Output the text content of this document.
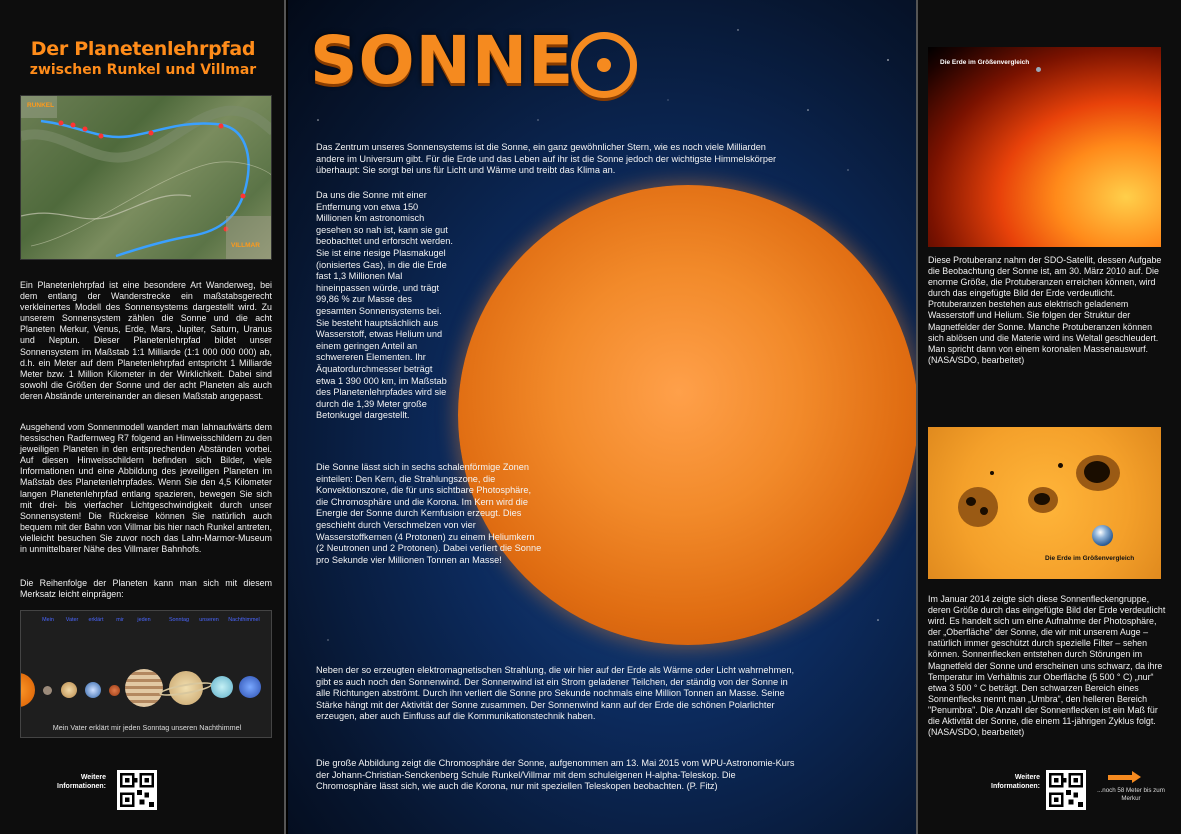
Der Planetenlehrpfad
zwischen Runkel und Villmar
RUNKEL
VILLMAR

Ein Planetenlehrpfad ist eine besondere Art Wanderweg, bei dem entlang der Wanderstrecke ein maßstabsgerecht verkleinertes Modell des Sonnensystems dargestellt wird. Zu unserem Sonnensystem zählen die Sonne und die acht Planeten Merkur, Venus, Erde, Mars, Jupiter, Saturn, Uranus und Neptun. Dieser Planetenlehrpfad bildet unser Sonnensystem im Maßstab 1:1 Milliarde (1:1 000 000 000) ab, d.h. ein Meter auf dem Planetenlehrpfad entspricht 1 Milliarde Meter bzw. 1 Million Kilometer in der Wirklichkeit. Dabei sind sowohl die Größen der Sonne und der acht Planeten als auch deren Abstände untereinander an diesen Maßstab angepasst.

Ausgehend vom Sonnenmodell wandert man lahnaufwärts dem hessischen Radfernweg R7 folgend an Hinweisschildern zu den jeweiligen Planeten in den entsprechenden Abständen vorbei. Auf diesen Hinweisschildern befinden sich Bilder, viele Informationen und eine Abbildung des jeweiligen Planeten im Maßstab des Planetenlehrpfades. Wenn Sie den 4,5 Kilometer langen Planetenlehrpfad entlang spazieren, bewegen Sie sich mit drei- bis vierfacher Lichtgeschwindigkeit durch unser Sonnensystem! Die Rückreise können Sie natürlich auch bequem mit der Bahn von Villmar bis hier nach Runkel antreten, vielleicht besuchen Sie zuvor noch das Lahn-Marmor-Museum in unmittelbarer Nähe des Villmarer Bahnhofs.

Die Reihenfolge der Planeten kann man sich mit diesem Merksatz leicht einprägen:

Mein	Vater	erklärt	mir	jeden	Sonntag	unseren	Nachthimmel
Mein Vater erklärt mir jeden Sonntag unseren Nachthimmel
Weitere Informationen:
SONNE

Das Zentrum unseres Sonnensystems ist die Sonne, ein ganz gewöhnlicher Stern, wie es noch viele Milliarden andere im Universum gibt. Für die Erde und das Leben auf ihr ist die Sonne jedoch der wichtigste Himmelskörper überhaupt: Sie sorgt bei uns für Licht und Wärme und treibt das Klima an.

Da uns die Sonne mit einer Entfernung von etwa 150 Millionen km astronomisch gesehen so nah ist, kann sie gut beobachtet und erforscht werden. Sie ist eine riesige Plasmakugel (ionisiertes Gas), in die die Erde fast 1,3 Millionen Mal hineinpassen würde, und trägt 99,86 % zur Masse des gesamten Sonnensystems bei. Sie besteht hauptsächlich aus Wasserstoff, etwas Helium und einem geringen Anteil an schwereren Elementen. Ihr Äquatordurchmesser beträgt etwa 1 390 000 km, im Maßstab des Planetenlehrpfades wird sie durch die 1,39 Meter große Betonkugel dargestellt.

Die Sonne lässt sich in sechs schalenförmige Zonen einteilen: Den Kern, die Strahlungszone, die Konvektionszone, die für uns sichtbare Photosphäre, die Chromosphäre und die Korona. Im Kern wird die Energie der Sonne durch Kernfusion erzeugt. Dies geschieht durch Verschmelzen von vier Wasserstoffkernen (4 Protonen) zu einem Heliumkern (2 Neutronen und 2 Protonen). Dabei verliert die Sonne pro Sekunde vier Millionen Tonnen an Masse!

Neben der so erzeugten elektromagnetischen Strahlung, die wir hier auf der Erde als Wärme oder Licht wahrnehmen, gibt es auch noch den Sonnenwind. Der Sonnenwind ist ein Strom geladener Teilchen, der ständig von der Sonne in alle Richtungen abströmt. Durch ihn verliert die Sonne pro Sekunde nochmals eine Million Tonnen an Masse. Seine Stärke hängt mit der Aktivität der Sonne zusammen. Der Sonnenwind kann auf der Erde die schönen Polarlichter erzeugen, aber auch Einfluss auf die Kommunikationstechnik haben.

Die große Abbildung zeigt die Chromosphäre der Sonne, aufgenommen am 13. Mai 2015 vom WPU-Astronomie-Kurs der Johann-Christian-Senckenberg Schule Runkel/Villmar mit dem schuleigenen H-alpha-Teleskop. Die Chromosphäre lässt sich, wie auch die Korona, nur mit speziellen Teleskopen beobachten. (P. Fitz)

Die Erde im Größenvergleich

Diese Protuberanz nahm der SDO-Satellit, dessen Aufgabe die Beobachtung der Sonne ist, am 30. März 2010 auf. Die enorme Größe, die Protuberanzen erreichen können, wird durch das eingefügte Bild der Erde verdeutlicht. Protuberanzen bestehen aus elektrisch geladenem Wasserstoff und Helium. Sie folgen der Struktur der Magnetfelder der Sonne. Manche Protuberanzen können sich ablösen und die Materie wird ins Weltall geschleudert. Man spricht dann von einem koronalen Massenauswurf. (NASA/SDO, bearbeitet)

Die Erde im Größenvergleich

Im Januar 2014 zeigte sich diese Sonnenfleckengruppe, deren Größe durch das eingefügte Bild der Erde verdeutlicht wird. Es handelt sich um eine Aufnahme der Photosphäre, der „Oberfläche“ der Sonne, die wir mit unserem Auge – natürlich immer geschützt durch spezielle Filter – sehen können. Sonnenflecken entstehen durch Störungen im Magnetfeld der Sonne und erscheinen uns schwarz, da ihre Temperatur im Verhältnis zur Oberfläche (5 500 ° C) „nur“ etwa 3 500 ° C beträgt. Den schwarzen Bereich eines Sonnenflecks nennt man „Umbra“, den helleren Bereich "Penumbra". Die Anzahl der Sonnenflecken ist ein Maß für die Aktivität der Sonne, die einem 11-jährigen Zyklus folgt. (NASA/SDO, bearbeitet)

Weitere Informationen:
...noch 58 Meter bis zum Merkur
